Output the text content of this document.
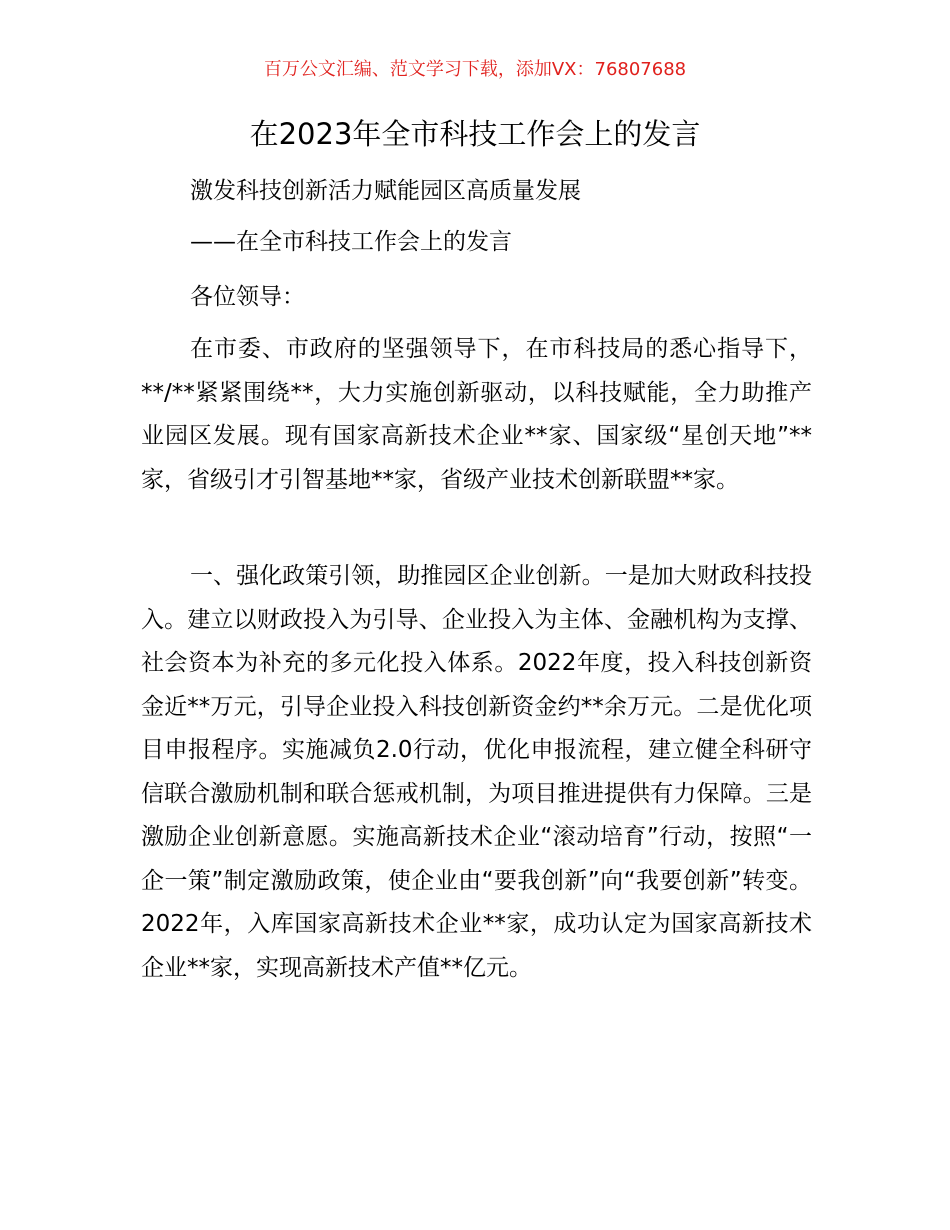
百万公文汇编、范文学习下载，添加VX：76807688
在2023年全市科技工作会上的发言
激发科技创新活力赋能园区高质量发展
——在全市科技工作会上的发言
各位领导：
在市委、市政府的坚强领导下，在市科技局的悉心指导下，**/**紧紧围绕**，大力实施创新驱动，以科技赋能，全力助推产业园区发展。现有国家高新技术企业**家、国家级“星创天地”**家，省级引才引智基地**家，省级产业技术创新联盟**家。
一、强化政策引领，助推园区企业创新。一是加大财政科技投入。建立以财政投入为引导、企业投入为主体、金融机构为支撑、社会资本为补充的多元化投入体系。2022年度，投入科技创新资金近**万元，引导企业投入科技创新资金约**余万元。二是优化项目申报程序。实施减负2.0行动，优化申报流程，建立健全科研守信联合激励机制和联合惩戒机制，为项目推进提供有力保障。三是激励企业创新意愿。实施高新技术企业“滚动培育”行动，按照“一企一策”制定激励政策，使企业由“要我创新”向“我要创新”转变。2022年，入库国家高新技术企业**家，成功认定为国家高新技术企业**家，实现高新技术产值**亿元。
